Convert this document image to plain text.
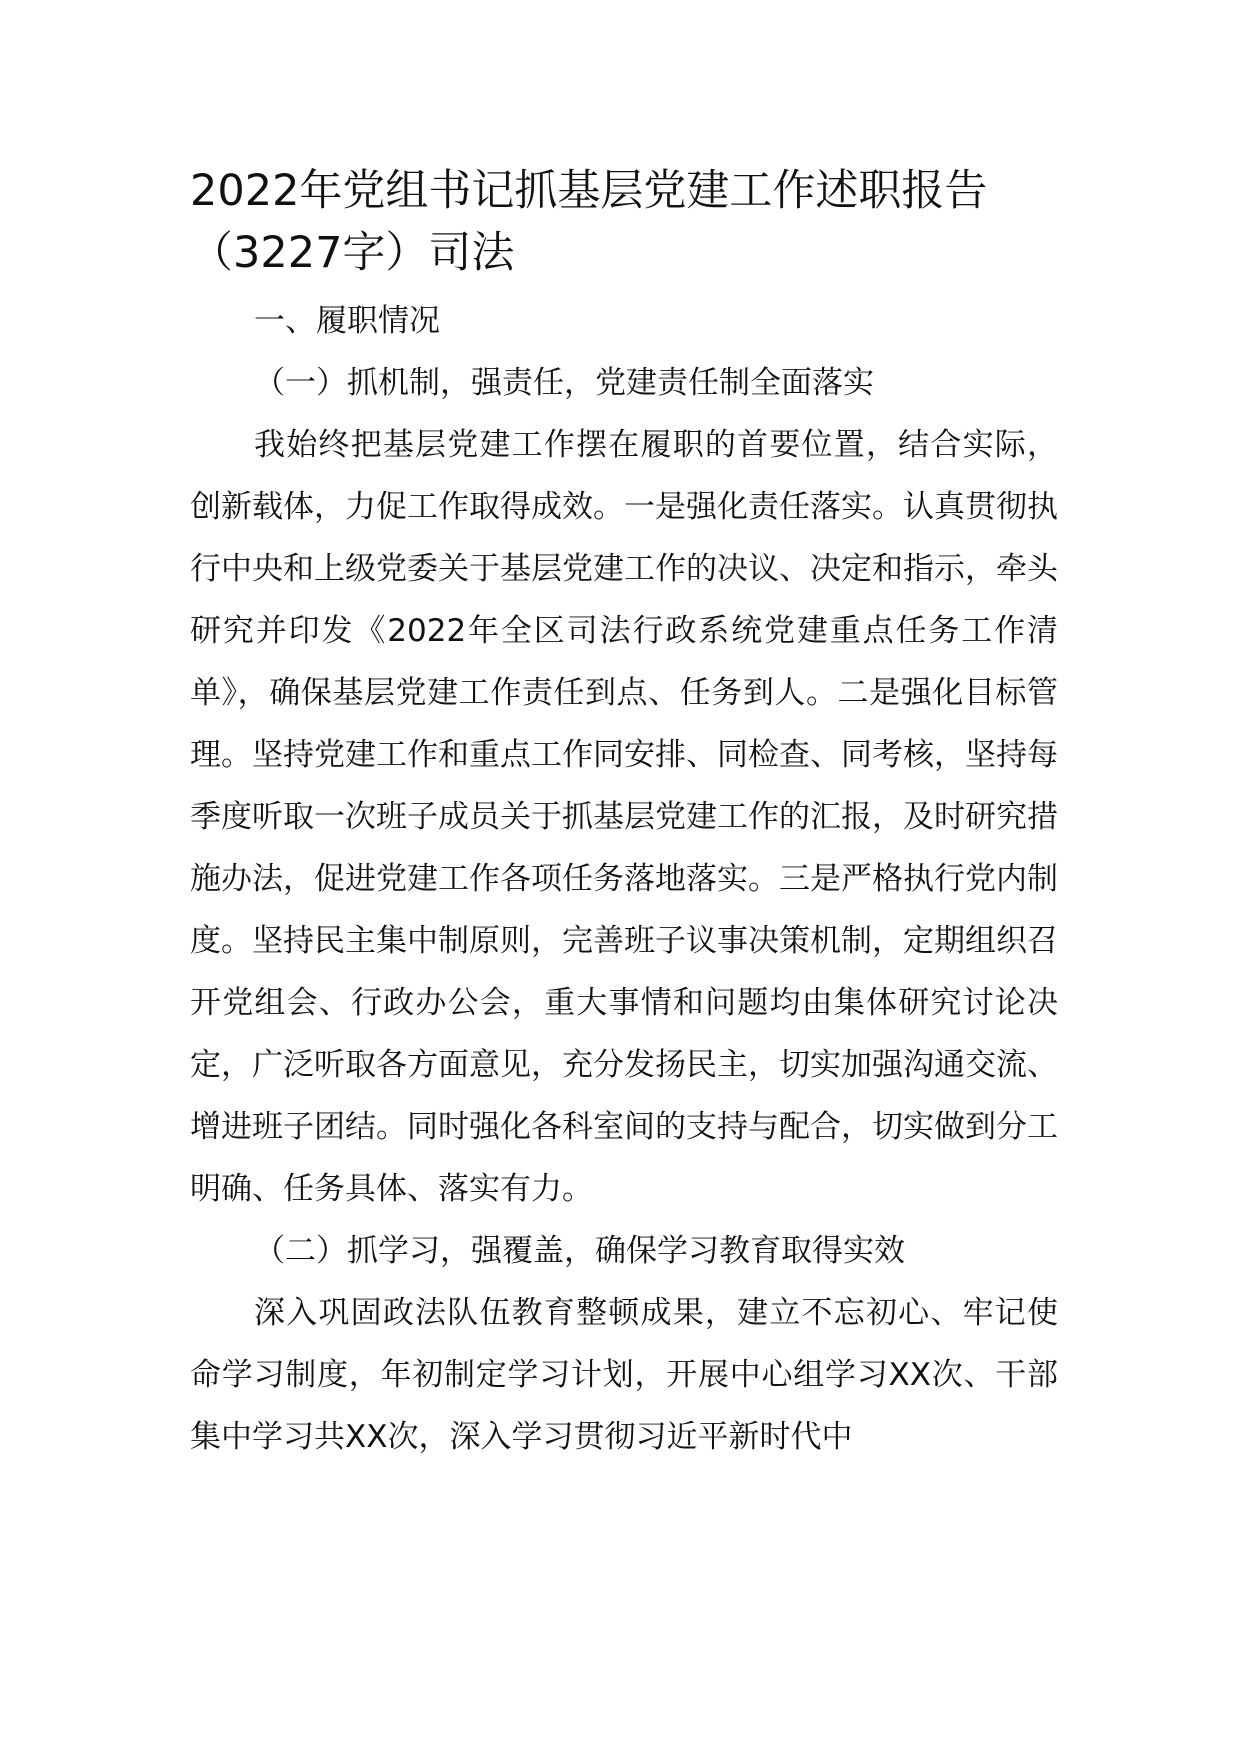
2022年党组书记抓基层党建工作述职报告
（3227字）司法

一、履职情况

（一）抓机制，强责任，党建责任制全面落实

我始终把基层党建工作摆在履职的首要位置，结合实际，创新载体，力促工作取得成效。一是强化责任落实。认真贯彻执行中央和上级党委关于基层党建工作的决议、决定和指示，牵头研究并印发《2022年全区司法行政系统党建重点任务工作清单》，确保基层党建工作责任到点、任务到人。二是强化目标管理。坚持党建工作和重点工作同安排、同检查、同考核，坚持每季度听取一次班子成员关于抓基层党建工作的汇报，及时研究措施办法，促进党建工作各项任务落地落实。三是严格执行党内制度。坚持民主集中制原则，完善班子议事决策机制，定期组织召开党组会、行政办公会，重大事情和问题均由集体研究讨论决定，广泛听取各方面意见，充分发扬民主，切实加强沟通交流、增进班子团结。同时强化各科室间的支持与配合，切实做到分工明确、任务具体、落实有力。

（二）抓学习，强覆盖，确保学习教育取得实效

深入巩固政法队伍教育整顿成果，建立不忘初心、牢记使命学习制度，年初制定学习计划，开展中心组学习XX次、干部集中学习共XX次，深入学习贯彻习近平新时代中
